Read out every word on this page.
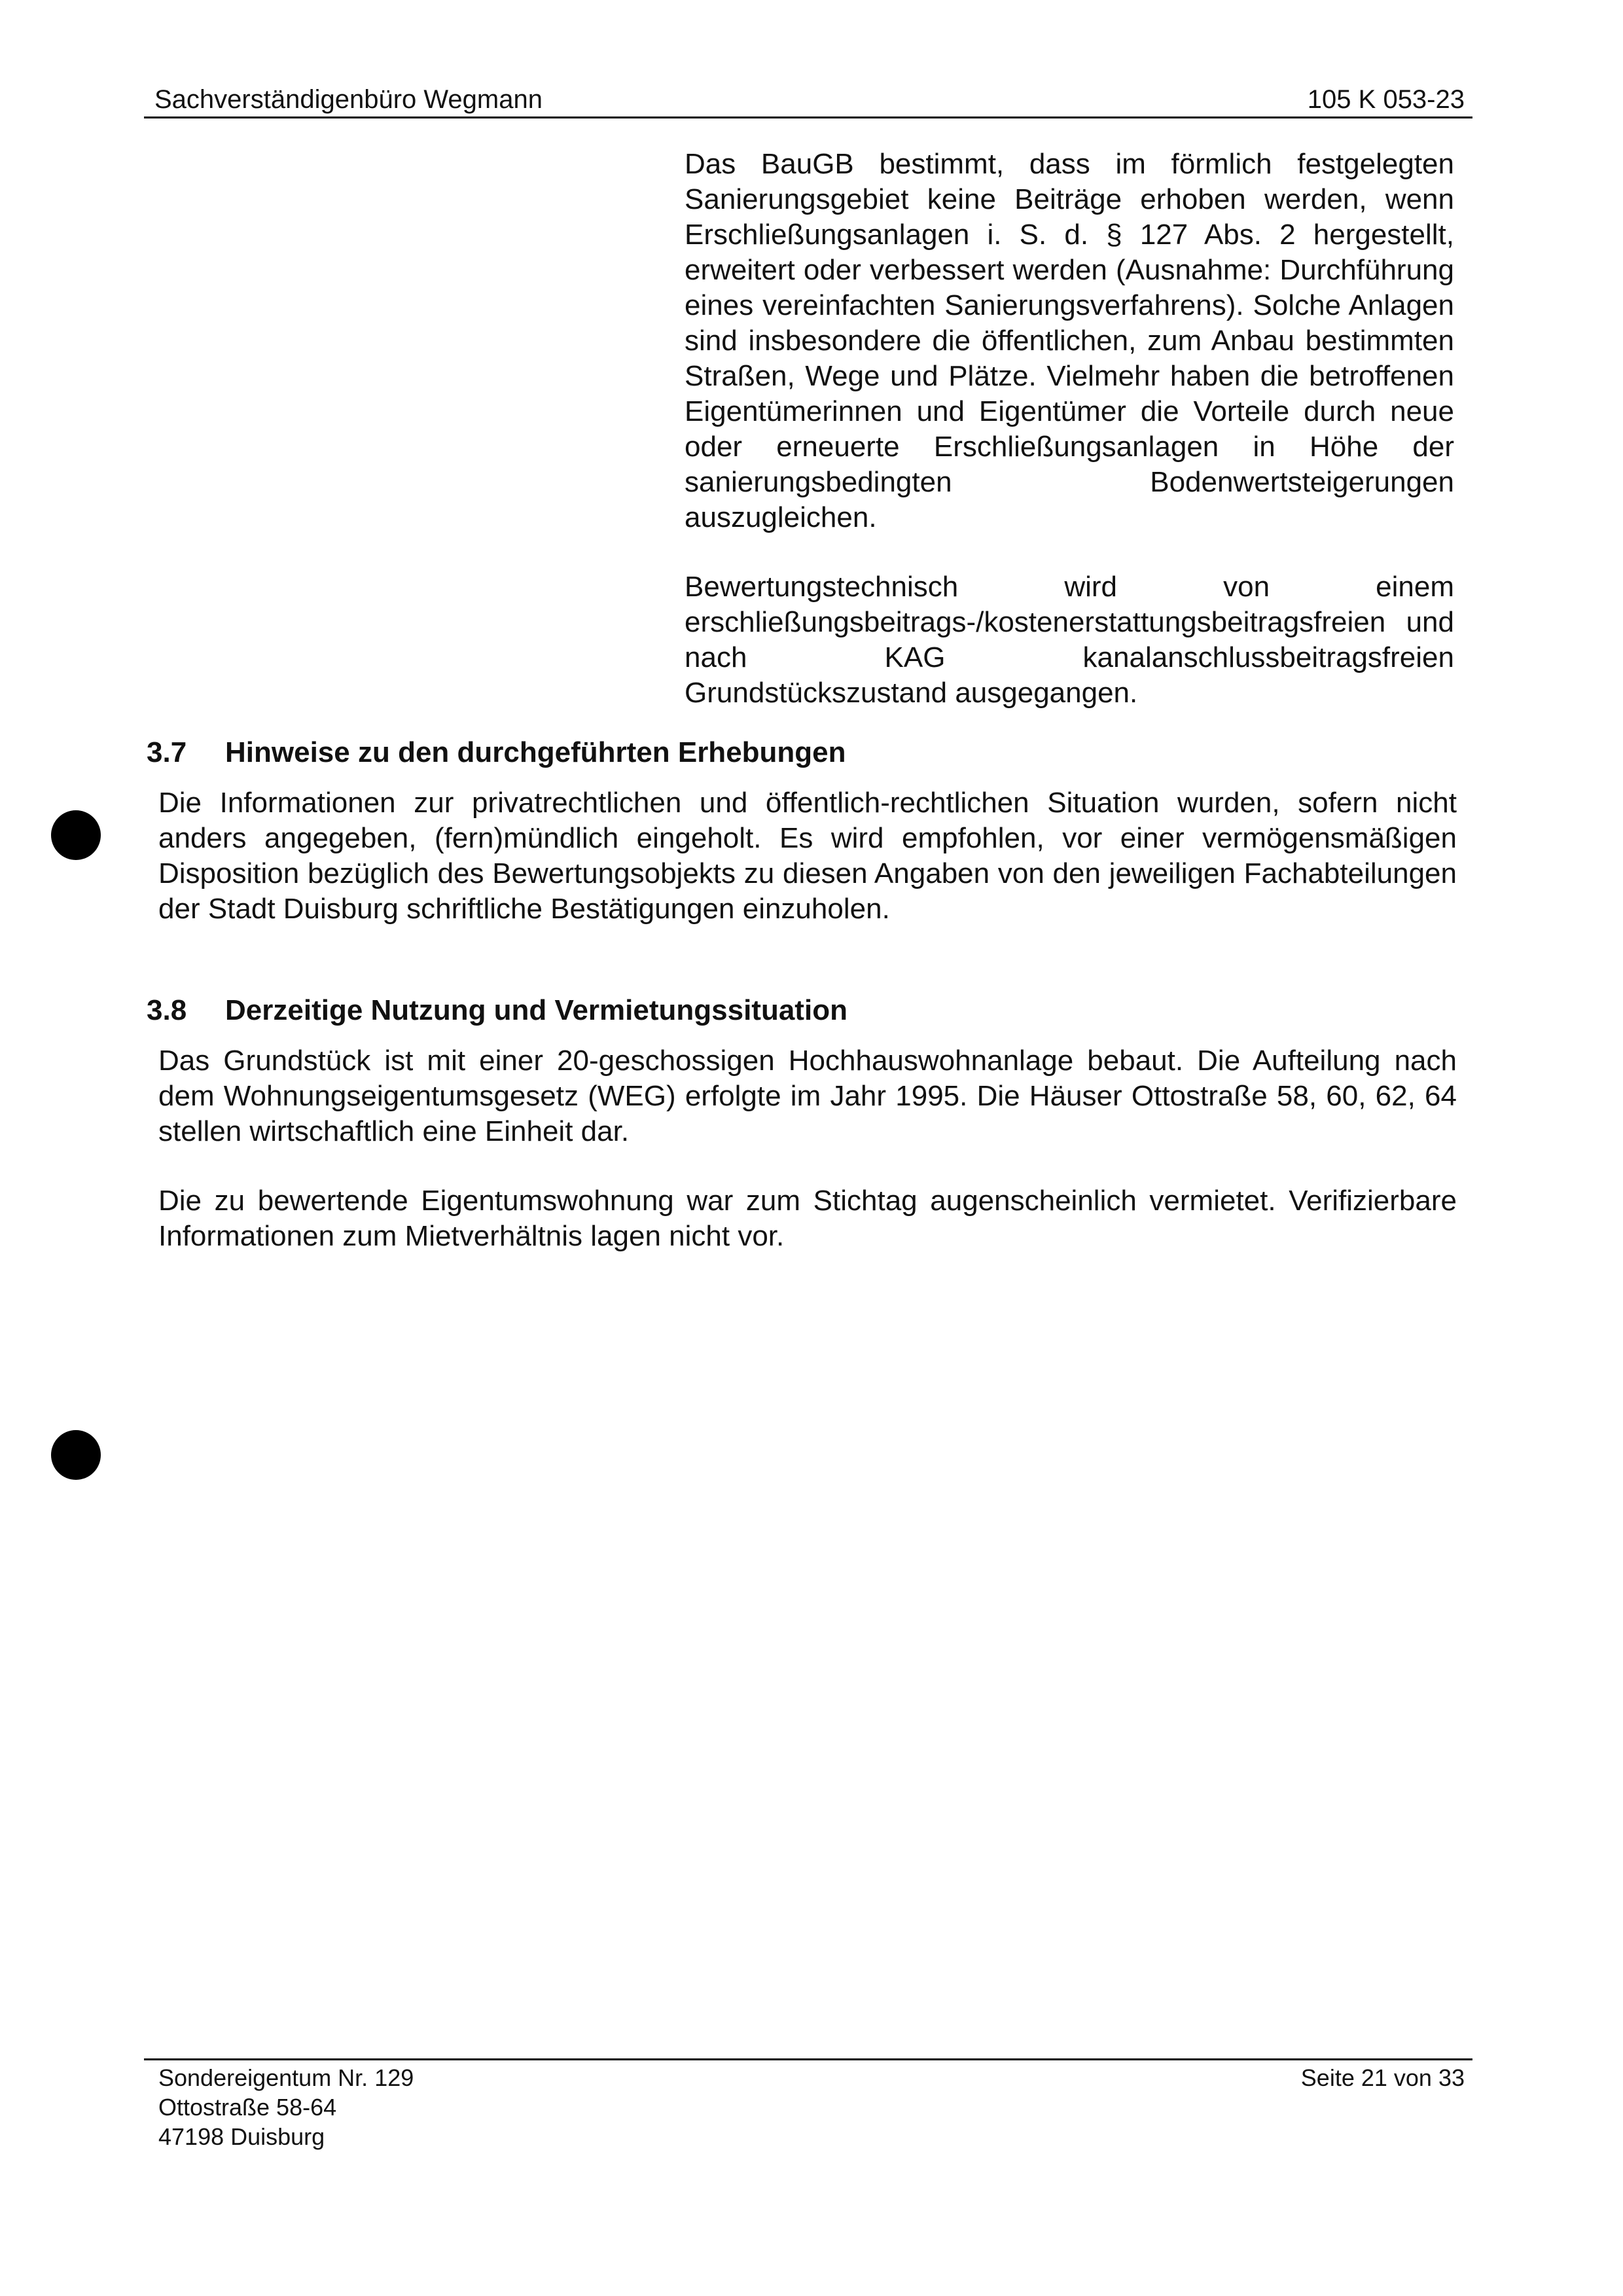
Sachverständigenbüro Wegmann	105 K 053-23

Das BauGB bestimmt, dass im förmlich festgelegten Sanierungsgebiet keine Beiträge erhoben werden, wenn Erschließungsanlagen i. S. d. § 127 Abs. 2 hergestellt, erweitert oder verbessert werden (Ausnahme: Durchführung eines vereinfachten Sanierungsverfahrens). Solche Anlagen sind insbesondere die öffentlichen, zum Anbau bestimmten Straßen, Wege und Plätze. Vielmehr haben die betroffenen Eigentümerinnen und Eigentümer die Vorteile durch neue oder erneuerte Erschließungsanlagen in Höhe der sanierungsbedingten Bodenwertsteigerungen auszugleichen.

Bewertungstechnisch wird von einem erschließungsbeitrags-/kostenerstattungsbeitragsfreien und nach KAG kanalanschlussbeitragsfreien Grundstückszustand ausgegangen.

3.7 Hinweise zu den durchgeführten Erhebungen

Die Informationen zur privatrechtlichen und öffentlich-rechtlichen Situation wurden, sofern nicht anders angegeben, (fern)mündlich eingeholt. Es wird empfohlen, vor einer vermögensmäßigen Disposition bezüglich des Bewertungsobjekts zu diesen Angaben von den jeweiligen Fachabteilungen der Stadt Duisburg schriftliche Bestätigungen einzuholen.

3.8 Derzeitige Nutzung und Vermietungssituation

Das Grundstück ist mit einer 20-geschossigen Hochhauswohnanlage bebaut. Die Aufteilung nach dem Wohnungseigentumsgesetz (WEG) erfolgte im Jahr 1995. Die Häuser Ottostraße 58, 60, 62, 64 stellen wirtschaftlich eine Einheit dar.

Die zu bewertende Eigentumswohnung war zum Stichtag augenscheinlich vermietet. Verifizierbare Informationen zum Mietverhältnis lagen nicht vor.

Sondereigentum Nr. 129
Ottostraße 58-64
47198 Duisburg
Seite 21 von 33
